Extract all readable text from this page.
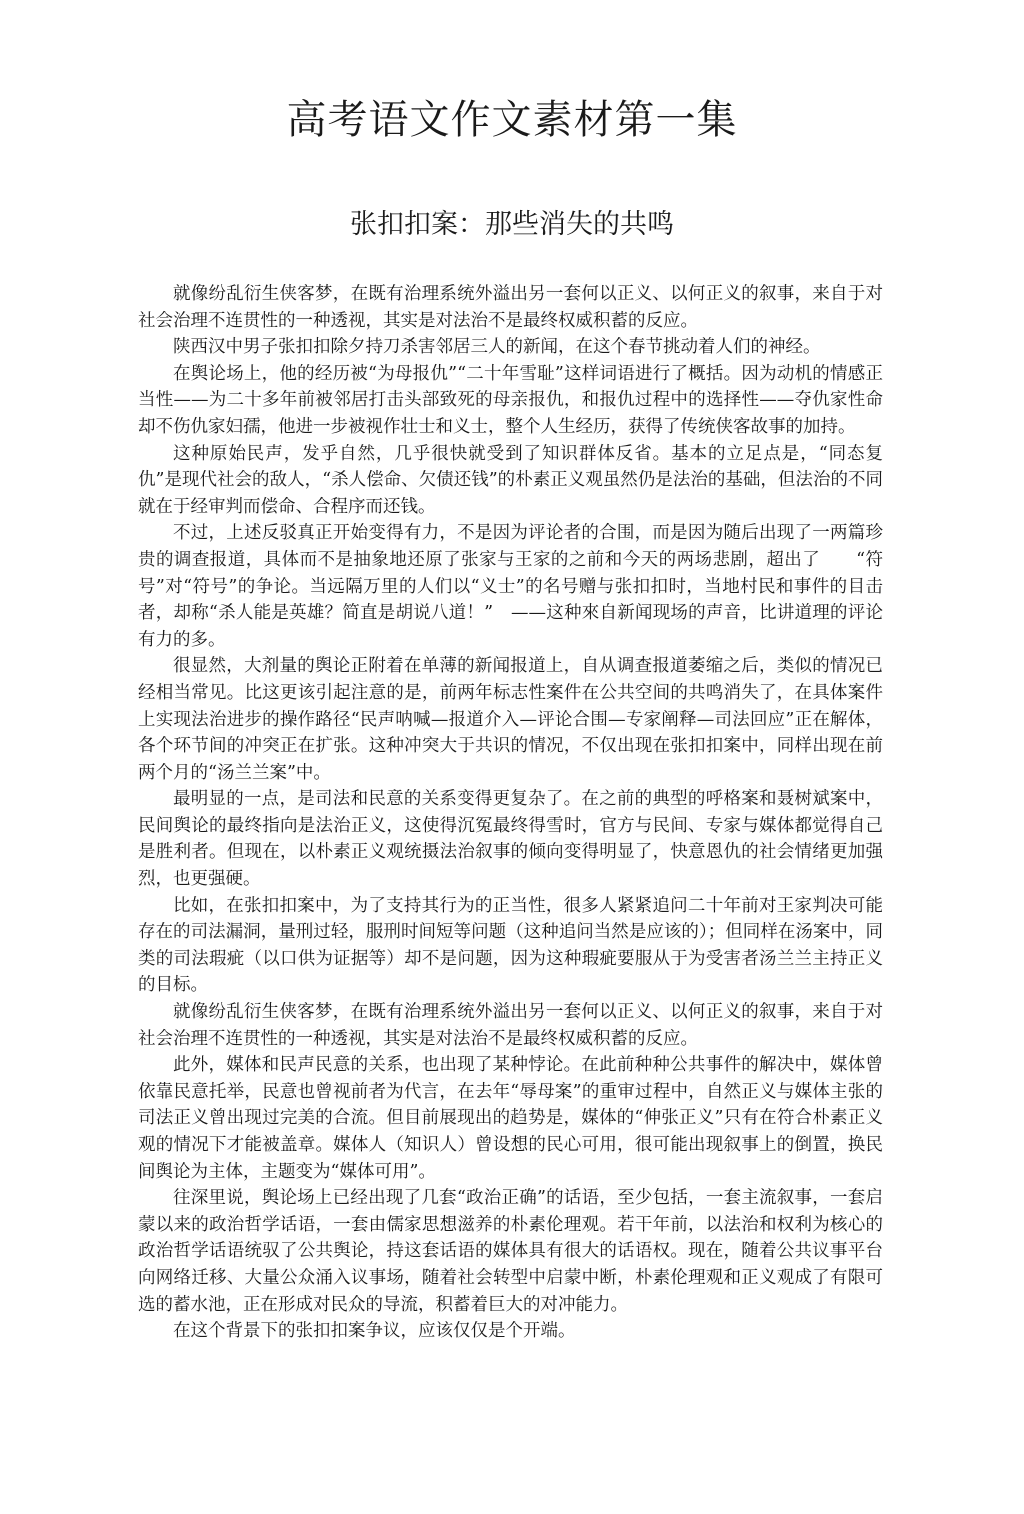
高考语文作文素材第一集
张扣扣案：那些消失的共鸣

就像纷乱衍生侠客梦，在既有治理系统外溢出另一套何以正义、以何正义的叙事，来自于对社会治理不连贯性的一种透视，其实是对法治不是最终权威积蓄的反应。

陕西汉中男子张扣扣除夕持刀杀害邻居三人的新闻，在这个春节挑动着人们的神经。

在舆论场上，他的经历被“为母报仇”“二十年雪耻”这样词语进行了概括。因为动机的情感正当性——为二十多年前被邻居打击头部致死的母亲报仇，和报仇过程中的选择性——夺仇家性命却不伤仇家妇孺，他进一步被视作壮士和义士，整个人生经历，获得了传统侠客故事的加持。

这种原始民声，发乎自然，几乎很快就受到了知识群体反省。基本的立足点是，“同态复仇”是现代社会的敌人，“杀人偿命、欠债还钱”的朴素正义观虽然仍是法治的基础，但法治的不同就在于经审判而偿命、合程序而还钱。

不过，上述反驳真正开始变得有力，不是因为评论者的合围，而是因为随后出现了一两篇珍贵的调查报道，具体而不是抽象地还原了张家与王家的之前和今天的两场悲剧，超出了　　“符号”对“符号”的争论。当远隔万里的人们以“义士”的名号赠与张扣扣时，当地村民和事件的目击者，却称“杀人能是英雄？简直是胡说八道！”　——这种來自新闻现场的声音，比讲道理的评论有力的多。

很显然，大剂量的舆论正附着在单薄的新闻报道上，自从调查报道萎缩之后，类似的情况已经相当常见。比这更该引起注意的是，前两年标志性案件在公共空间的共鸣消失了，在具体案件上实现法治进步的操作路径“民声呐喊—报道介入—评论合围—专家阐释—司法回应”正在解体，各个环节间的冲突正在扩张。这种冲突大于共识的情况，不仅出现在张扣扣案中，同样出现在前两个月的“汤兰兰案”中。

最明显的一点，是司法和民意的关系变得更复杂了。在之前的典型的呼格案和聂树斌案中，民间舆论的最终指向是法治正义，这使得沉冤最终得雪时，官方与民间、专家与媒体都觉得自己是胜利者。但现在，以朴素正义观统摄法治叙事的倾向变得明显了，快意恩仇的社会情绪更加强烈，也更强硬。

比如，在张扣扣案中，为了支持其行为的正当性，很多人紧紧追问二十年前对王家判决可能存在的司法漏洞，量刑过轻，服刑时间短等问题（这种追问当然是应该的）；但同样在汤案中，同类的司法瑕疵（以口供为证据等）却不是问题，因为这种瑕疵要服从于为受害者汤兰兰主持正义的目标。

就像纷乱衍生侠客梦，在既有治理系统外溢出另一套何以正义、以何正义的叙事，来自于对社会治理不连贯性的一种透视，其实是对法治不是最终权威积蓄的反应。

此外，媒体和民声民意的关系，也出现了某种悖论。在此前种种公共事件的解决中，媒体曾依靠民意托举，民意也曾视前者为代言，在去年“辱母案”的重审过程中，自然正义与媒体主张的司法正义曾出现过完美的合流。但目前展现出的趋势是，媒体的“伸张正义”只有在符合朴素正义观的情况下才能被盖章。媒体人（知识人）曾设想的民心可用，很可能出现叙事上的倒置，换民间舆论为主体，主题变为“媒体可用”。

往深里说，舆论场上已经出现了几套“政治正确”的话语，至少包括，一套主流叙事，一套启蒙以来的政治哲学话语，一套由儒家思想滋养的朴素伦理观。若干年前，以法治和权利为核心的政治哲学话语统驭了公共舆论，持这套话语的媒体具有很大的话语权。现在，随着公共议事平台向网络迁移、大量公众涌入议事场，随着社会转型中启蒙中断，朴素伦理观和正义观成了有限可选的蓄水池，正在形成对民众的导流，积蓄着巨大的对冲能力。

在这个背景下的张扣扣案争议，应该仅仅是个开端。
